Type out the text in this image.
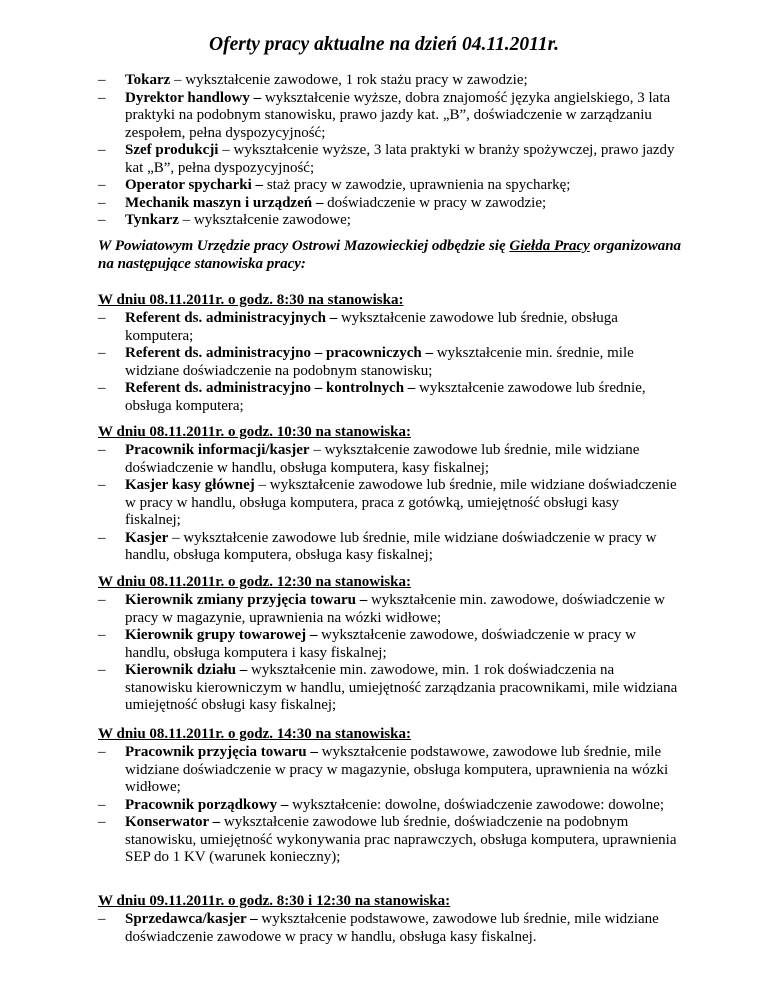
Oferty pracy aktualne na dzień 04.11.2011r.
– Tokarz – wykształcenie zawodowe, 1 rok stażu pracy w zawodzie;
– Dyrektor handlowy – wykształcenie wyższe, dobra znajomość języka angielskiego, 3 lata praktyki na podobnym stanowisku, prawo jazdy kat. „B”, doświadczenie w zarządzaniu zespołem, pełna dyspozycyjność;
– Szef produkcji – wykształcenie wyższe, 3 lata praktyki w branży spożywczej, prawo jazdy kat „B”, pełna dyspozycyjność;
– Operator spycharki – staż pracy w zawodzie, uprawnienia na spycharkę;
– Mechanik maszyn i urządzeń – doświadczenie w pracy w zawodzie;
– Tynkarz – wykształcenie zawodowe;
W Powiatowym Urzędzie pracy Ostrowi Mazowieckiej odbędzie się Giełda Pracy organizowana na następujące stanowiska pracy:
W dniu 08.11.2011r. o godz. 8:30 na stanowiska:
– Referent ds. administracyjnych – wykształcenie zawodowe lub średnie, obsługa komputera;
– Referent ds. administracyjno – pracowniczych – wykształcenie min. średnie, mile widziane doświadczenie na podobnym stanowisku;
– Referent ds. administracyjno – kontrolnych – wykształcenie zawodowe lub średnie, obsługa komputera;
W dniu 08.11.2011r. o godz. 10:30 na stanowiska:
– Pracownik informacji/kasjer – wykształcenie zawodowe lub średnie, mile widziane doświadczenie w handlu, obsługa komputera, kasy fiskalnej;
– Kasjer kasy głównej – wykształcenie zawodowe lub średnie, mile widziane doświadczenie w pracy w handlu, obsługa komputera, praca z gotówką, umiejętność obsługi kasy fiskalnej;
– Kasjer – wykształcenie zawodowe lub średnie, mile widziane doświadczenie w pracy w handlu, obsługa komputera, obsługa kasy fiskalnej;
W dniu 08.11.2011r. o godz. 12:30 na stanowiska:
– Kierownik zmiany przyjęcia towaru – wykształcenie min. zawodowe, doświadczenie w pracy w magazynie, uprawnienia na wózki widłowe;
– Kierownik grupy towarowej – wykształcenie zawodowe, doświadczenie w pracy w handlu, obsługa komputera i kasy fiskalnej;
– Kierownik działu – wykształcenie min. zawodowe, min. 1 rok doświadczenia na stanowisku kierowniczym w handlu, umiejętność zarządzania pracownikami, mile widziana umiejętność obsługi kasy fiskalnej;
W dniu 08.11.2011r. o godz. 14:30 na stanowiska:
– Pracownik przyjęcia towaru – wykształcenie podstawowe, zawodowe lub średnie, mile widziane doświadczenie w pracy w magazynie, obsługa komputera, uprawnienia na wózki widłowe;
– Pracownik porządkowy – wykształcenie: dowolne, doświadczenie zawodowe: dowolne;
– Konserwator – wykształcenie zawodowe lub średnie, doświadczenie na podobnym stanowisku, umiejętność wykonywania prac naprawczych, obsługa komputera, uprawnienia SEP do 1 KV (warunek konieczny);
W dniu 09.11.2011r. o godz. 8:30 i 12:30 na stanowiska:
– Sprzedawca/kasjer – wykształcenie podstawowe, zawodowe lub średnie, mile widziane doświadczenie zawodowe w pracy w handlu, obsługa kasy fiskalnej.
